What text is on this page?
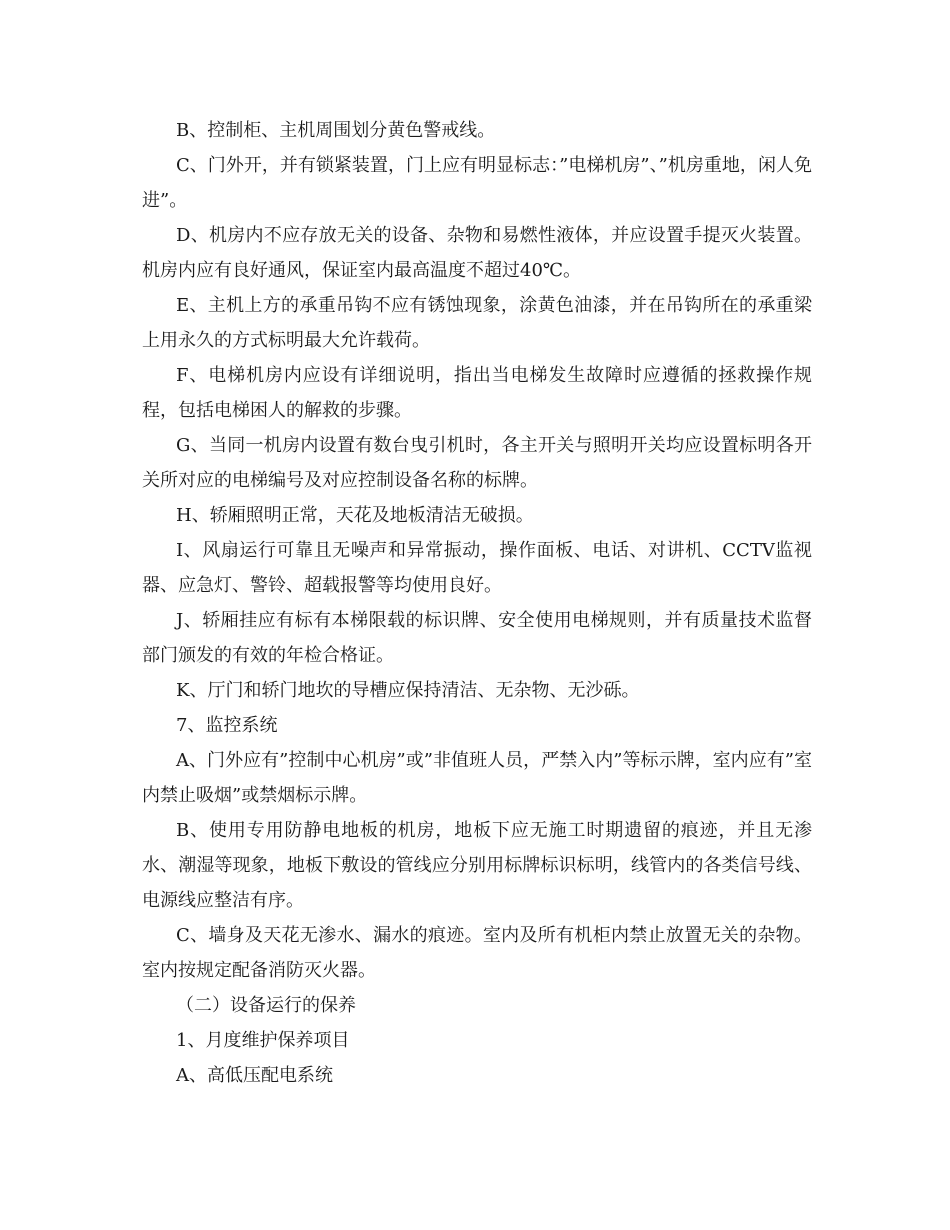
B、控制柜、主机周围划分黄色警戒线。

C、门外开，并有锁紧装置，门上应有明显标志：”电梯机房”、”机房重地，闲人免进”。

D、机房内不应存放无关的设备、杂物和易燃性液体，并应设置手提灭火装置。机房内应有良好通风，保证室内最高温度不超过40℃。

E、主机上方的承重吊钩不应有锈蚀现象，涂黄色油漆，并在吊钩所在的承重梁上用永久的方式标明最大允许载荷。

F、电梯机房内应设有详细说明，指出当电梯发生故障时应遵循的拯救操作规程，包括电梯困人的解救的步骤。

G、当同一机房内设置有数台曳引机时，各主开关与照明开关均应设置标明各开关所对应的电梯编号及对应控制设备名称的标牌。

H、轿厢照明正常，天花及地板清洁无破损。

I、风扇运行可靠且无噪声和异常振动，操作面板、电话、对讲机、CCTV监视器、应急灯、警铃、超载报警等均使用良好。

J、轿厢挂应有标有本梯限载的标识牌、安全使用电梯规则，并有质量技术监督部门颁发的有效的年检合格证。

K、厅门和轿门地坎的导槽应保持清洁、无杂物、无沙砾。

7、监控系统

A、门外应有”控制中心机房”或”非值班人员，严禁入内”等标示牌，室内应有”室内禁止吸烟”或禁烟标示牌。

B、使用专用防静电地板的机房，地板下应无施工时期遗留的痕迹，并且无渗水、潮湿等现象，地板下敷设的管线应分别用标牌标识标明，线管内的各类信号线、电源线应整洁有序。

C、墙身及天花无渗水、漏水的痕迹。室内及所有机柜内禁止放置无关的杂物。室内按规定配备消防灭火器。

（二）设备运行的保养

1、月度维护保养项目

A、高低压配电系统
